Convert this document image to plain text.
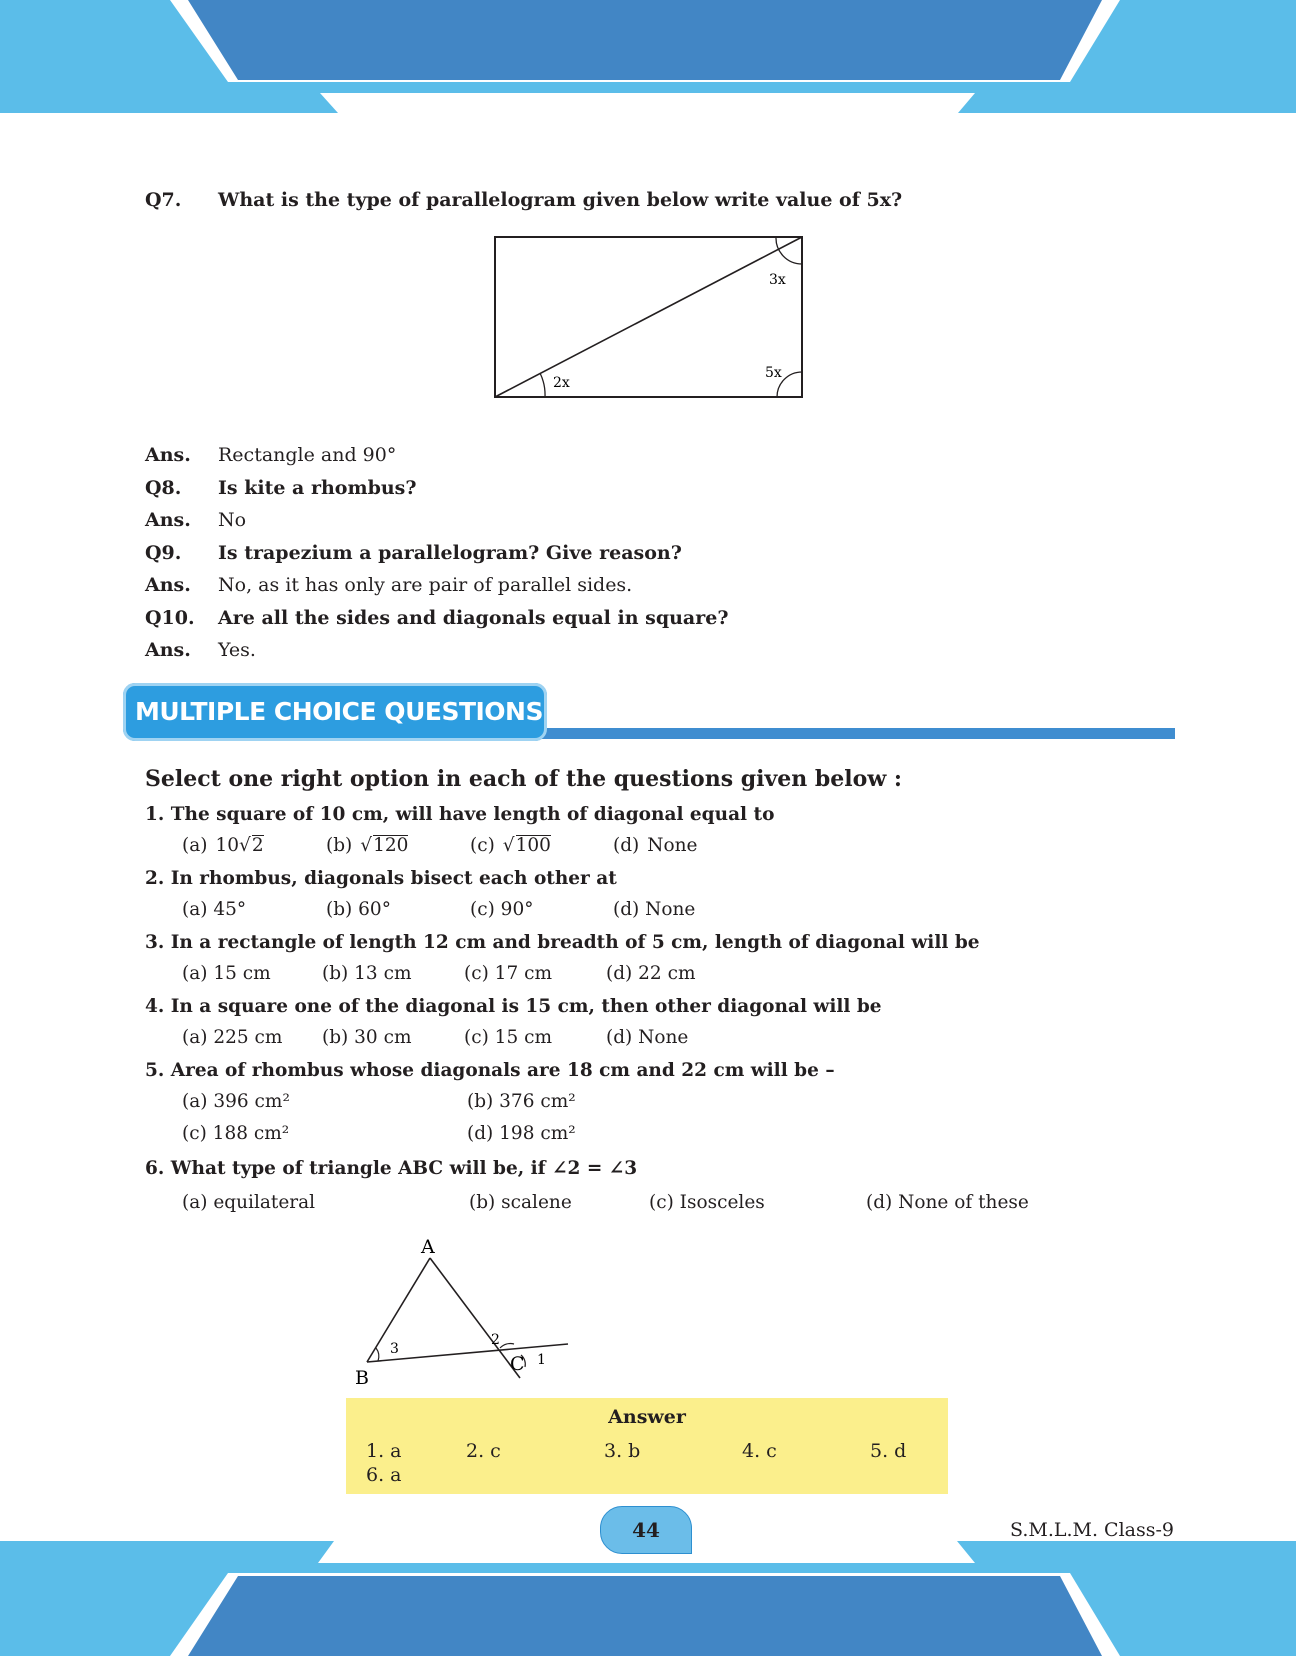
Q7. What is the type of parallelogram given below write value of 5x?
3x
5x
2x
Ans. Rectangle and 90°
Q8. Is kite a rhombus?
Ans. No
Q9. Is trapezium a parallelogram? Give reason?
Ans. No, as it has only are pair of parallel sides.
Q10. Are all the sides and diagonals equal in square?
Ans. Yes.
MULTIPLE CHOICE QUESTIONS
Select one right option in each of the questions given below :
1. The square of 10 cm, will have length of diagonal equal to
(a) 10√2	(b) √120	(c) √100	(d) None
2. In rhombus, diagonals bisect each other at
(a) 45°	(b) 60°	(c) 90°	(d) None
3. In a rectangle of length 12 cm and breadth of 5 cm, length of diagonal will be
(a) 15 cm	(b) 13 cm	(c) 17 cm	(d) 22 cm
4. In a square one of the diagonal is 15 cm, then other diagonal will be
(a) 225 cm (b) 30 cm	(c) 15 cm	(d) None
5. Area of rhombus whose diagonals are 18 cm and 22 cm will be –
(a) 396 cm²	(b) 376 cm²
(c) 188 cm²	(d) 198 cm²
6. What type of triangle ABC will be, if ∠2 = ∠3
(a) equilateral	(b) scalene	(c) Isosceles	(d) None of these
A
B
C 1
2
3
Answer
1. a	2. c	3. b	4. c	5. d
6. a
44	S.M.L.M. Class-9
